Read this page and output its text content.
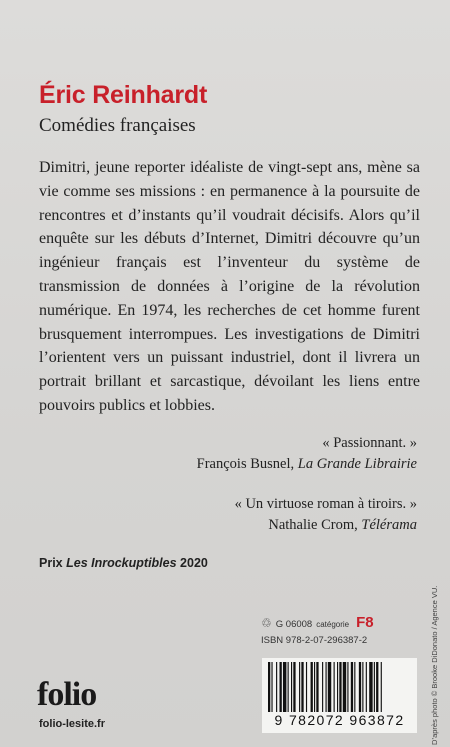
Éric Reinhardt
Comédies françaises

Dimitri, jeune reporter idéaliste de vingt-sept ans, mène sa vie comme ses missions : en permanence à la poursuite de rencontres et d’instants qu’il voudrait décisifs. Alors qu’il enquête sur les débuts d’Internet, Dimitri découvre qu’un ingénieur français est l’inventeur du système de transmission de données à l’origine de la révolution numérique. En 1974, les recherches de cet homme furent brusquement interrompues. Les investigations de Dimitri l’orientent vers un puissant industriel, dont il livrera un portrait brillant et sarcastique, dévoilant les liens entre pouvoirs publics et lobbies.

« Passionnant. »
François Busnel, La Grande Librairie
« Un virtuose roman à tiroirs. »
Nathalie Crom, Télérama
Prix Les Inrockuptibles 2020
♲ G 06008 catégorie F8
ISBN 978-2-07-296387-2
9 782072 963872
folio
folio-lesite.fr	D’après photo © Brooke DiDonato / Agence VU.
